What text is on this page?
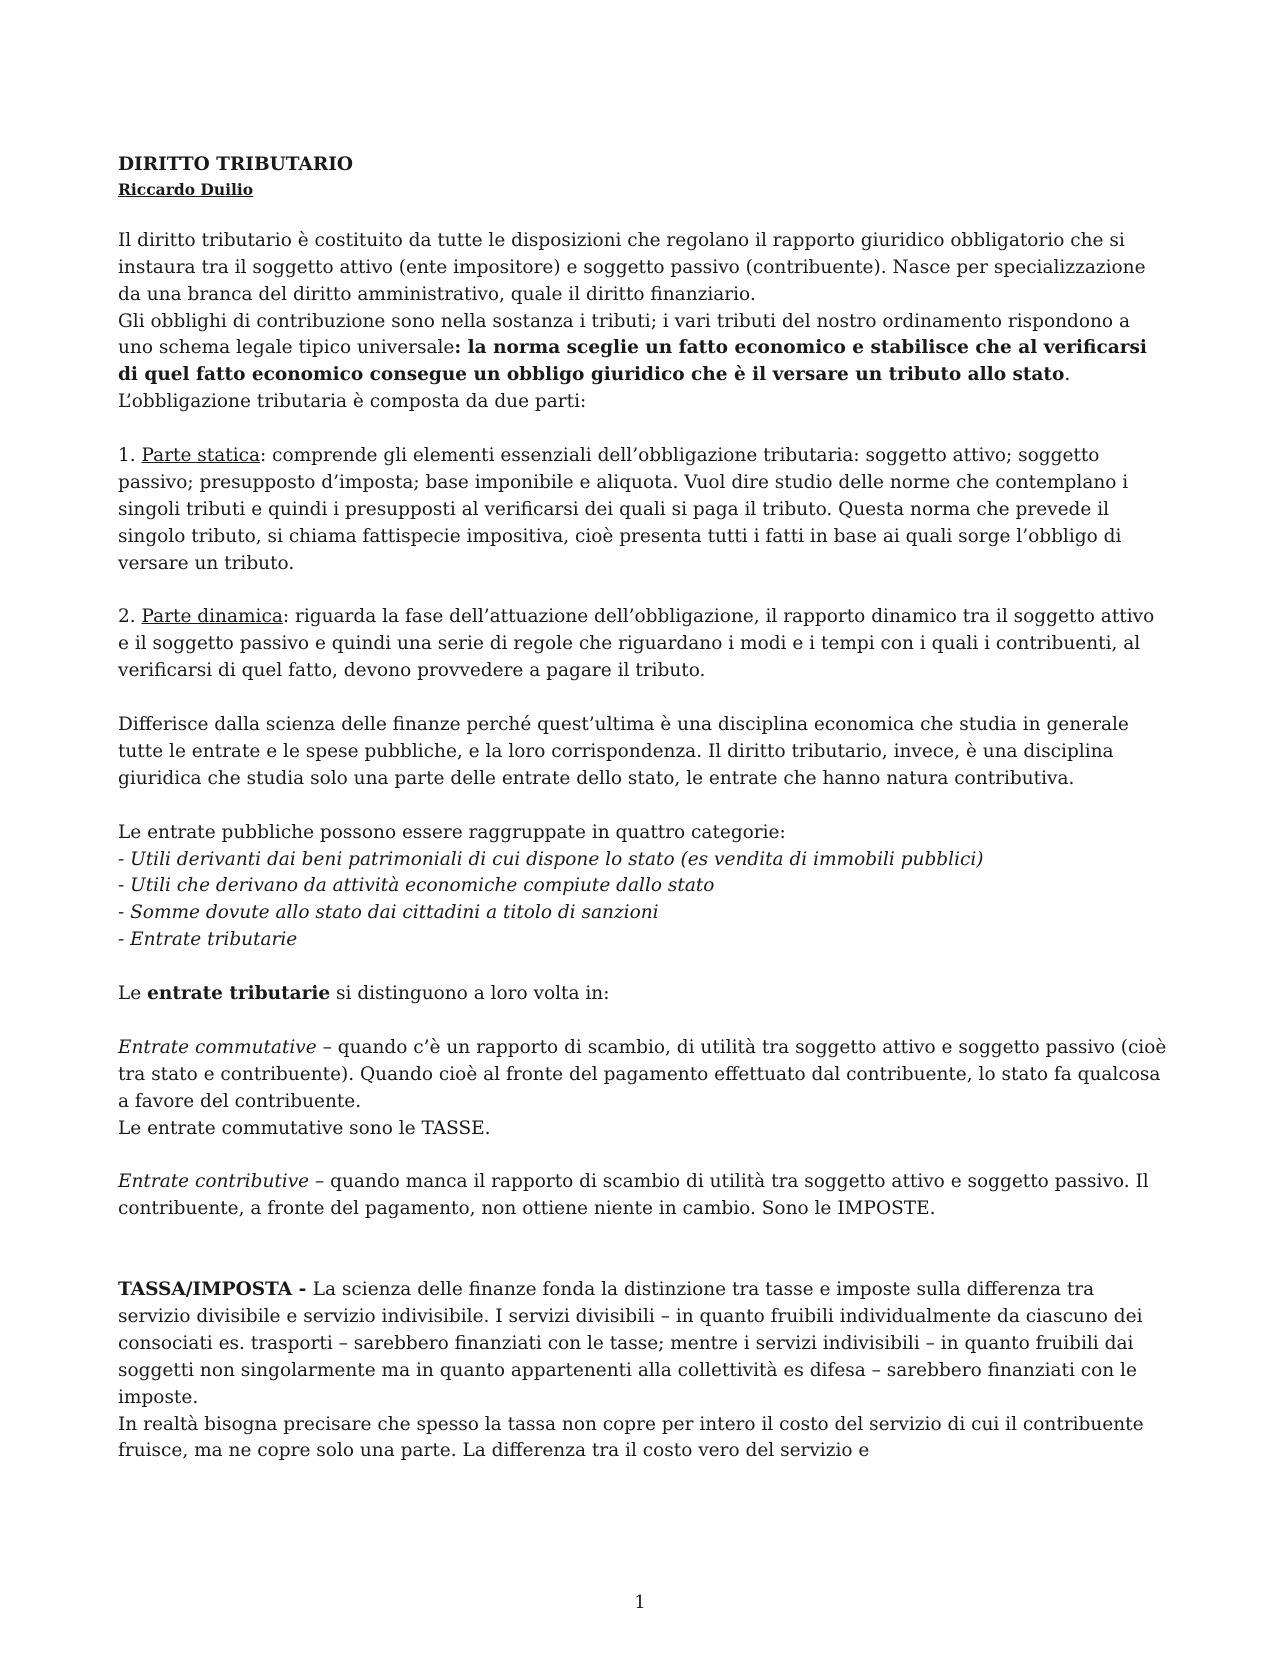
DIRITTO TRIBUTARIO

Riccardo Duilio

Il diritto tributario è costituito da tutte le disposizioni che regolano il rapporto giuridico obbligatorio che si instaura tra il soggetto attivo (ente impositore) e soggetto passivo (contribuente). Nasce per specializzazione da una branca del diritto amministrativo, quale il diritto finanziario.

Gli obblighi di contribuzione sono nella sostanza i tributi; i vari tributi del nostro ordinamento rispondono a uno schema legale tipico universale: la norma sceglie un fatto economico e stabilisce che al verificarsi di quel fatto economico consegue un obbligo giuridico che è il versare un tributo allo stato.

L’obbligazione tributaria è composta da due parti:

1. Parte statica: comprende gli elementi essenziali dell’obbligazione tributaria: soggetto attivo; soggetto passivo; presupposto d’imposta; base imponibile e aliquota. Vuol dire studio delle norme che contemplano i singoli tributi e quindi i presupposti al verificarsi dei quali si paga il tributo. Questa norma che prevede il singolo tributo, si chiama fattispecie impositiva, cioè presenta tutti i fatti in base ai quali sorge l’obbligo di versare un tributo.

2. Parte dinamica: riguarda la fase dell’attuazione dell’obbligazione, il rapporto dinamico tra il soggetto attivo e il soggetto passivo e quindi una serie di regole che riguardano i modi e i tempi con i quali i contribuenti, al verificarsi di quel fatto, devono provvedere a pagare il tributo.

Differisce dalla scienza delle finanze perché quest’ultima è una disciplina economica che studia in generale tutte le entrate e le spese pubbliche, e la loro corrispondenza. Il diritto tributario, invece, è una disciplina giuridica che studia solo una parte delle entrate dello stato, le entrate che hanno natura contributiva.

Le entrate pubbliche possono essere raggruppate in quattro categorie:

- Utili derivanti dai beni patrimoniali di cui dispone lo stato (es vendita di immobili pubblici)

- Utili che derivano da attività economiche compiute dallo stato

- Somme dovute allo stato dai cittadini a titolo di sanzioni

- Entrate tributarie

Le entrate tributarie si distinguono a loro volta in:

Entrate commutative – quando c’è un rapporto di scambio, di utilità tra soggetto attivo e soggetto passivo (cioè tra stato e contribuente). Quando cioè al fronte del pagamento effettuato dal contribuente, lo stato fa qualcosa a favore del contribuente.

Le entrate commutative sono le TASSE.

Entrate contributive – quando manca il rapporto di scambio di utilità tra soggetto attivo e soggetto passivo. Il contribuente, a fronte del pagamento, non ottiene niente in cambio. Sono le IMPOSTE.

TASSA/IMPOSTA - La scienza delle finanze fonda la distinzione tra tasse e imposte sulla differenza tra servizio divisibile e servizio indivisibile. I servizi divisibili – in quanto fruibili individualmente da ciascuno dei consociati es. trasporti – sarebbero finanziati con le tasse; mentre i servizi indivisibili – in quanto fruibili dai soggetti non singolarmente ma in quanto appartenenti alla collettività es difesa – sarebbero finanziati con le imposte.

In realtà bisogna precisare che spesso la tassa non copre per intero il costo del servizio di cui il contribuente fruisce, ma ne copre solo una parte. La differenza tra il costo vero del servizio e

1
